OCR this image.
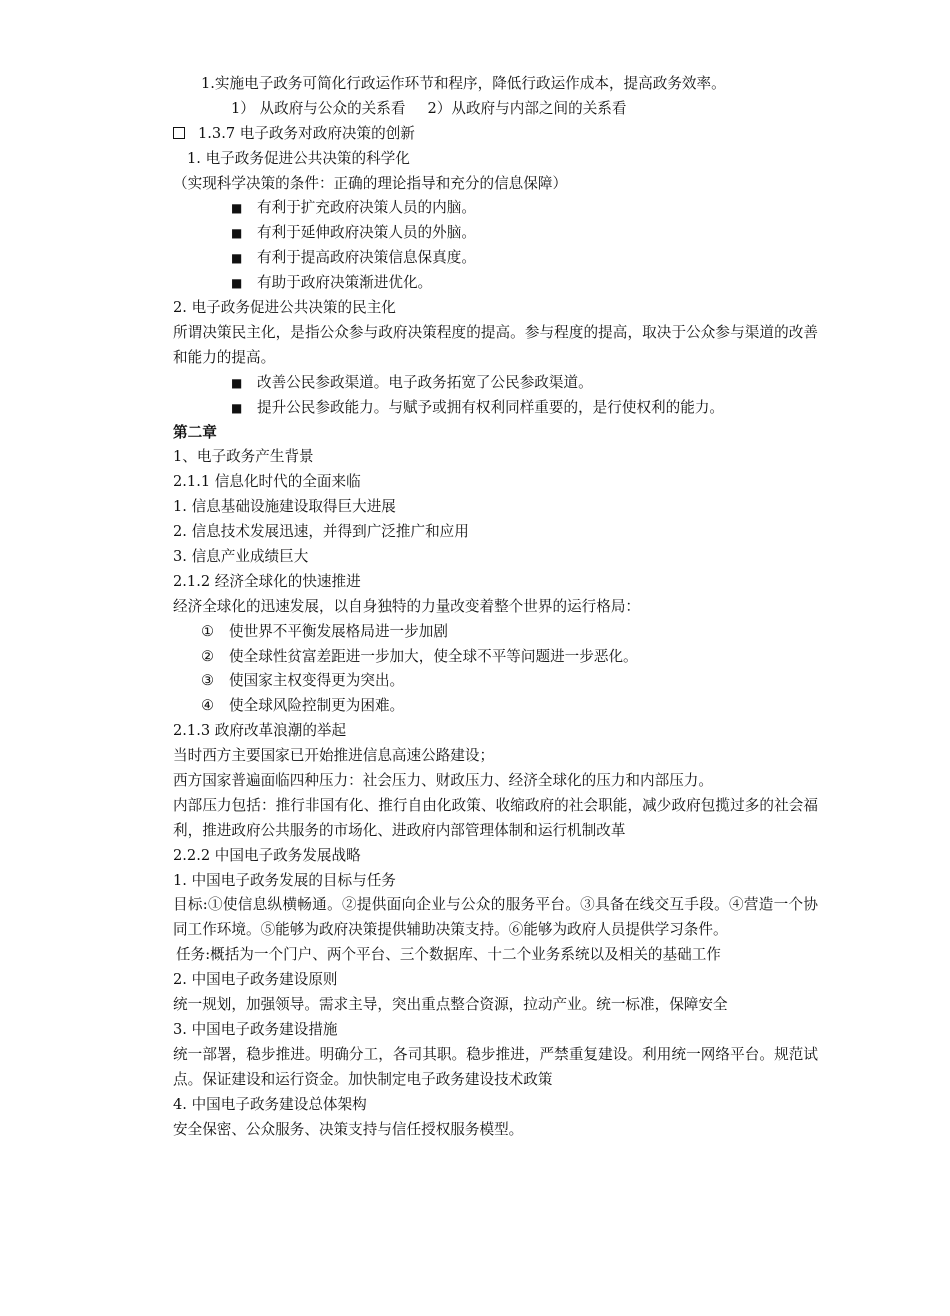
1.实施电子政务可简化行政运作环节和程序，降低行政运作成本，提高政务效率。
1） 从政府与公众的关系看 2）从政府与内部之间的关系看
1.3.7 电子政务对政府决策的创新
1. 电子政务促进公共决策的科学化
（实现科学决策的条件：正确的理论指导和充分的信息保障）
■ 有利于扩充政府决策人员的内脑。
■ 有利于延伸政府决策人员的外脑。
■ 有利于提高政府决策信息保真度。
■ 有助于政府决策渐进优化。
2. 电子政务促进公共决策的民主化
所谓决策民主化，是指公众参与政府决策程度的提高。参与程度的提高，取决于公众参与渠道的改善和能力的提高。
■ 改善公民参政渠道。电子政务拓宽了公民参政渠道。
■ 提升公民参政能力。与赋予或拥有权利同样重要的，是行使权利的能力。
第二章
1、电子政务产生背景
2.1.1 信息化时代的全面来临
1. 信息基础设施建设取得巨大进展
2. 信息技术发展迅速，并得到广泛推广和应用
3. 信息产业成绩巨大
2.1.2 经济全球化的快速推进
经济全球化的迅速发展，以自身独特的力量改变着整个世界的运行格局：
① 使世界不平衡发展格局进一步加剧
② 使全球性贫富差距进一步加大，使全球不平等问题进一步恶化。
③ 使国家主权变得更为突出。
④ 使全球风险控制更为困难。
2.1.3 政府改革浪潮的举起
当时西方主要国家已开始推进信息高速公路建设；
西方国家普遍面临四种压力：社会压力、财政压力、经济全球化的压力和内部压力。
内部压力包括：推行非国有化、推行自由化政策、收缩政府的社会职能，减少政府包揽过多的社会福利，推进政府公共服务的市场化、进政府内部管理体制和运行机制改革
2.2.2 中国电子政务发展战略
1. 中国电子政务发展的目标与任务
目标:①使信息纵横畅通。②提供面向企业与公众的服务平台。③具备在线交互手段。④营造一个协同工作环境。⑤能够为政府决策提供辅助决策支持。⑥能够为政府人员提供学习条件。
任务:概括为一个门户、两个平台、三个数据库、十二个业务系统以及相关的基础工作
2. 中国电子政务建设原则
统一规划，加强领导。需求主导，突出重点整合资源，拉动产业。统一标准，保障安全
3. 中国电子政务建设措施
统一部署，稳步推进。明确分工，各司其职。稳步推进，严禁重复建设。利用统一网络平台。规范试点。保证建设和运行资金。加快制定电子政务建设技术政策
4. 中国电子政务建设总体架构
安全保密、公众服务、决策支持与信任授权服务模型。
